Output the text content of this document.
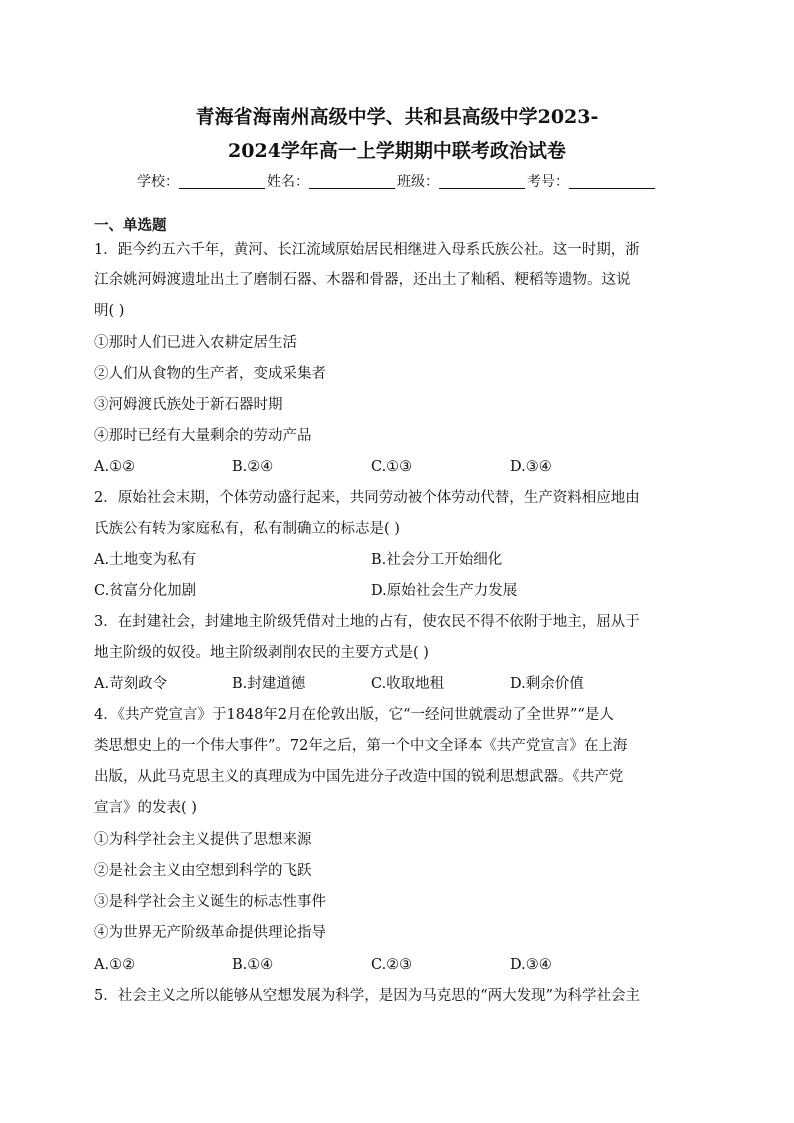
青海省海南州高级中学、共和县高级中学2023-
2024学年高一上学期期中联考政治试卷
学校：	姓名：	班级：	考号：
一、单选题
1．距今约五六千年，黄河、长江流域原始居民相继进入母系氏族公社。这一时期，浙
江余姚河姆渡遗址出土了磨制石器、木器和骨器，还出土了籼稻、粳稻等遗物。这说
明( )
①那时人们已进入农耕定居生活
②人们从食物的生产者，变成采集者
③河姆渡氏族处于新石器时期
④那时已经有大量剩余的劳动产品
A.①②	B.②④	C.①③	D.③④
2．原始社会末期，个体劳动盛行起来，共同劳动被个体劳动代替，生产资料相应地由
氏族公有转为家庭私有，私有制确立的标志是( )
A.土地变为私有	B.社会分工开始细化
C.贫富分化加剧	D.原始社会生产力发展
3．在封建社会，封建地主阶级凭借对土地的占有，使农民不得不依附于地主，屈从于
地主阶级的奴役。地主阶级剥削农民的主要方式是( )
A.苛刻政令	B.封建道德	C.收取地租	D.剩余价值
4．《共产党宣言》于1848年2月在伦敦出版，它“一经问世就震动了全世界”“是人
类思想史上的一个伟大事件”。72年之后，第一个中文全译本《共产党宣言》在上海
出版，从此马克思主义的真理成为中国先进分子改造中国的锐利思想武器。《共产党
宣言》的发表( )
①为科学社会主义提供了思想来源
②是社会主义由空想到科学的飞跃
③是科学社会主义诞生的标志性事件
④为世界无产阶级革命提供理论指导
A.①②	B.①④	C.②③	D.③④
5．社会主义之所以能够从空想发展为科学，是因为马克思的“两大发现”为科学社会主
